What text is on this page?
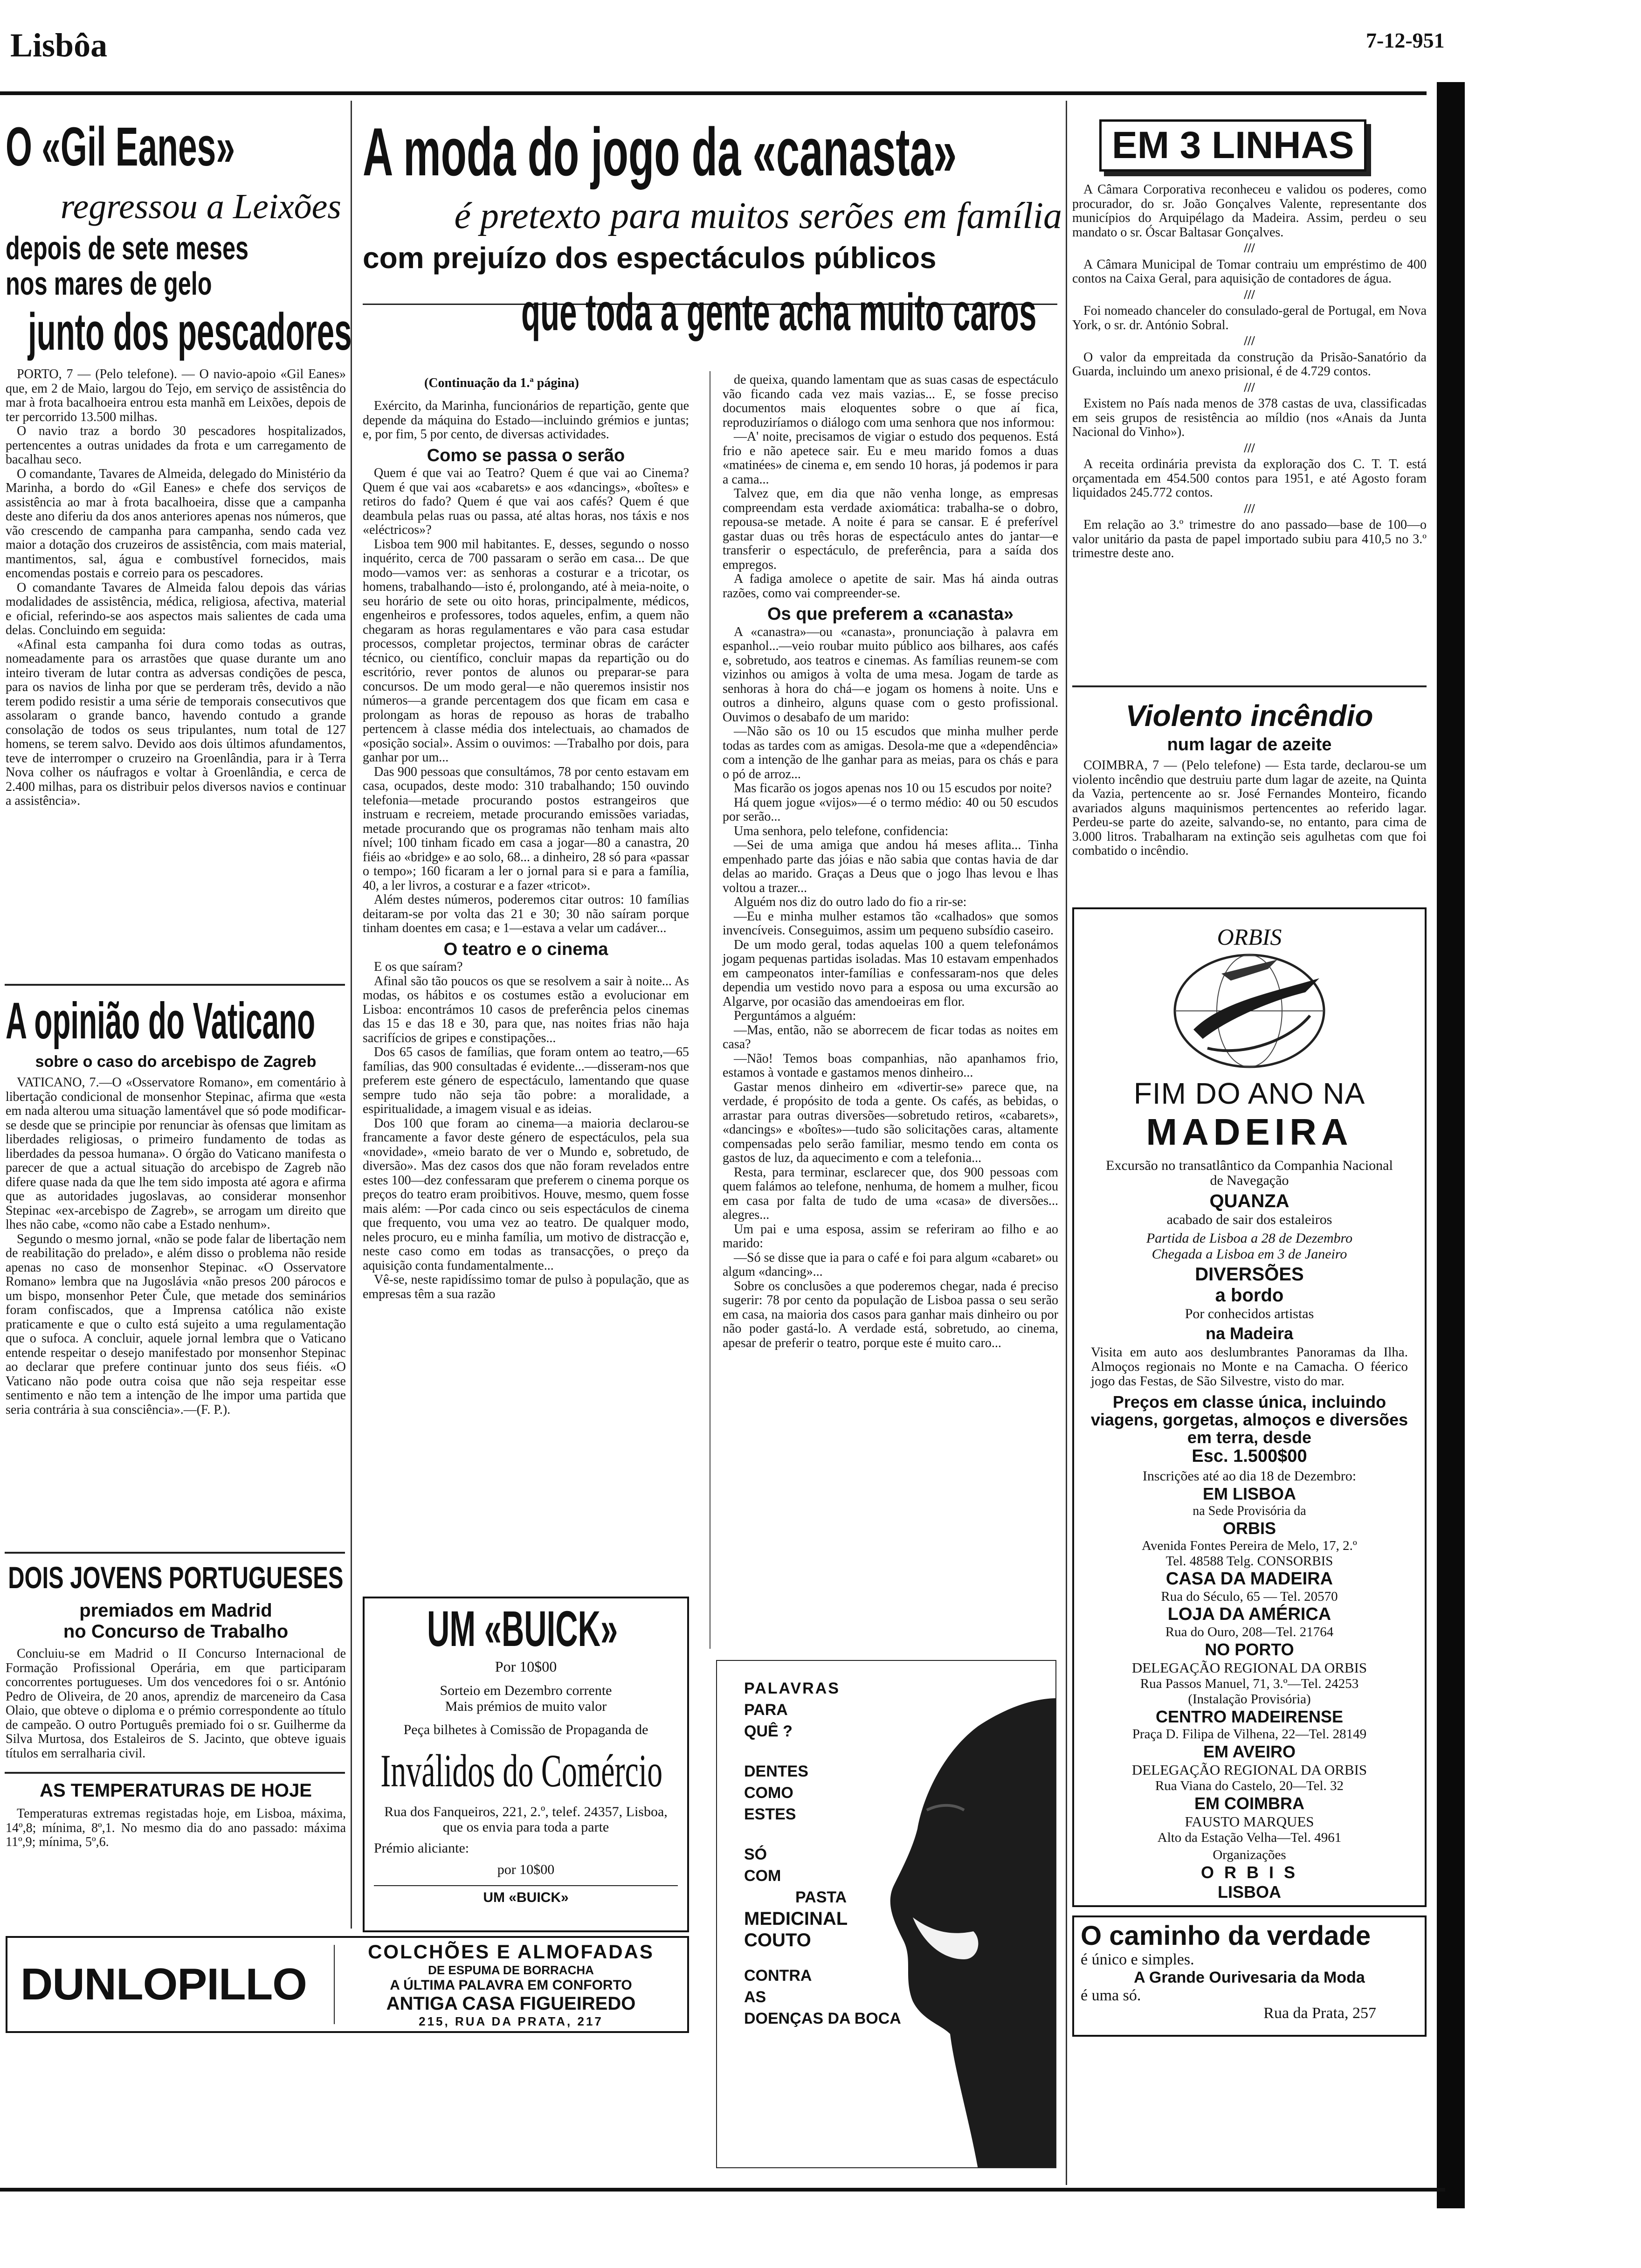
Lisbôa	7-12-951
O «Gil Eanes»
regressou a Leixões
depois de sete meses
nos mares de gelo
junto dos pescadores

PORTO, 7 — (Pelo telefone). — O navio-apoio «Gil Eanes» que, em 2 de Maio, largou do Tejo, em serviço de assistência do mar à frota bacalhoeira entrou esta manhã em Leixões, depois de ter percorrido 13.500 milhas.

O navio traz a bordo 30 pescadores hospitalizados, pertencentes a outras unidades da frota e um carregamento de bacalhau seco.

O comandante, Tavares de Almeida, delegado do Ministério da Marinha, a bordo do «Gil Eanes» e chefe dos serviços de assistência ao mar à frota bacalhoeira, disse que a campanha deste ano diferiu da dos anos anteriores apenas nos números, que vão crescendo de campanha para campanha, sendo cada vez maior a dotação dos cruzeiros de assistência, com mais material, mantimentos, sal, água e combustível fornecidos, mais encomendas postais e correio para os pescadores.

O comandante Tavares de Almeida falou depois das várias modalidades de assistência, médica, religiosa, afectiva, material e oficial, referindo-se aos aspectos mais salientes de cada uma delas. Concluindo em seguida:

«Afinal esta campanha foi dura como todas as outras, nomeadamente para os arrastões que quase durante um ano inteiro tiveram de lutar contra as adversas condições de pesca, para os navios de linha por que se perderam três, devido a não terem podido resistir a uma série de temporais consecutivos que assolaram o grande banco, havendo contudo a grande consolação de todos os seus tripulantes, num total de 127 homens, se terem salvo. Devido aos dois últimos afundamentos, teve de interromper o cruzeiro na Groenlândia, para ir à Terra Nova colher os náufragos e voltar à Groenlândia, e cerca de 2.400 milhas, para os distribuir pelos diversos navios e continuar a assistência».

A opinião do Vaticano
sobre o caso do arcebispo de Zagreb

VATICANO, 7.—O «Osservatore Romano», em comentário à libertação condicional de monsenhor Stepinac, afirma que «esta em nada alterou uma situação lamentável que só pode modificar-se desde que se principie por renunciar às ofensas que limitam as liberdades religiosas, o primeiro fundamento de todas as liberdades da pessoa humana». O órgão do Vaticano manifesta o parecer de que a actual situação do arcebispo de Zagreb não difere quase nada da que lhe tem sido imposta até agora e afirma que as autoridades jugoslavas, ao considerar monsenhor Stepinac «ex-arcebispo de Zagreb», se arrogam um direito que lhes não cabe, «como não cabe a Estado nenhum».

Segundo o mesmo jornal, «não se pode falar de libertação nem de reabilitação do prelado», e além disso o problema não reside apenas no caso de monsenhor Stepinac. «O Osservatore Romano» lembra que na Jugoslávia «não presos 200 párocos e um bispo, monsenhor Peter Čule, que metade dos seminários foram confiscados, que a Imprensa católica não existe praticamente e que o culto está sujeito a uma regulamentação que o sufoca. A concluir, aquele jornal lembra que o Vaticano entende respeitar o desejo manifestado por monsenhor Stepinac ao declarar que prefere continuar junto dos seus fiéis. «O Vaticano não pode outra coisa que não seja respeitar esse sentimento e não tem a intenção de lhe impor uma partida que seria contrária à sua consciência».—(F. P.).

DOIS JOVENS PORTUGUESES
premiados em Madrid
no Concurso de Trabalho

Concluiu-se em Madrid o II Concurso Internacional de Formação Profissional Operária, em que participaram concorrentes portugueses. Um dos vencedores foi o sr. António Pedro de Oliveira, de 20 anos, aprendiz de marceneiro da Casa Olaio, que obteve o diploma e o prémio correspondente ao título de campeão. O outro Português premiado foi o sr. Guilherme da Silva Murtosa, dos Estaleiros de S. Jacinto, que obteve iguais títulos em serralharia civil.

AS TEMPERATURAS DE HOJE

Temperaturas extremas registadas hoje, em Lisboa, máxima, 14º,8; mínima, 8º,1. No mesmo dia do ano passado: máxima 11º,9; mínima, 5º,6.

A moda do jogo da «canasta»
é pretexto para muitos serões em família
com prejuízo dos espectáculos públicos
que toda a gente acha muito caros
(Continuação da 1.ª página)

Exército, da Marinha, funcionários de repartição, gente que depende da máquina do Estado—incluindo grémios e juntas; e, por fim, 5 por cento, de diversas actividades.

Como se passa o serão

Quem é que vai ao Teatro? Quem é que vai ao Cinema? Quem é que vai aos «cabarets» e aos «dancings», «boîtes» e retiros do fado? Quem é que vai aos cafés? Quem é que deambula pelas ruas ou passa, até altas horas, nos táxis e nos «eléctricos»?

Lisboa tem 900 mil habitantes. E, desses, segundo o nosso inquérito, cerca de 700 passaram o serão em casa... De que modo—vamos ver: as senhoras a costurar e a tricotar, os homens, trabalhando—isto é, prolongando, até à meia-noite, o seu horário de sete ou oito horas, principalmente, médicos, engenheiros e professores, todos aqueles, enfim, a quem não chegaram as horas regulamentares e vão para casa estudar processos, completar projectos, terminar obras de carácter técnico, ou científico, concluir mapas da repartição ou do escritório, rever pontos de alunos ou preparar-se para concursos. De um modo geral—e não queremos insistir nos números—a grande percentagem dos que ficam em casa e prolongam as horas de repouso as horas de trabalho pertencem à classe média dos intelectuais, ao chamados de «posição social». Assim o ouvimos: —Trabalho por dois, para ganhar por um...

Das 900 pessoas que consultámos, 78 por cento estavam em casa, ocupados, deste modo: 310 trabalhando; 150 ouvindo telefonia—metade procurando postos estrangeiros que instruam e recreiem, metade procurando emissões variadas, metade procurando que os programas não tenham mais alto nível; 100 tinham ficado em casa a jogar—80 a canastra, 20 fiéis ao «bridge» e ao solo, 68... a dinheiro, 28 só para «passar o tempo»; 160 ficaram a ler o jornal para si e para a família, 40, a ler livros, a costurar e a fazer «tricot».

Além destes números, poderemos citar outros: 10 famílias deitaram-se por volta das 21 e 30; 30 não saíram porque tinham doentes em casa; e 1—estava a velar um cadáver...

O teatro e o cinema

E os que saíram?

Afinal são tão poucos os que se resolvem a sair à noite... As modas, os hábitos e os costumes estão a evolucionar em Lisboa: encontrámos 10 casos de preferência pelos cinemas das 15 e das 18 e 30, para que, nas noites frias não haja sacrifícios de gripes e constipações...

Dos 65 casos de famílias, que foram ontem ao teatro,—65 famílias, das 900 consultadas é evidente...—disseram-nos que preferem este género de espectáculo, lamentando que quase sempre tudo não seja tão pobre: a moralidade, a espiritualidade, a imagem visual e as ideias.

Dos 100 que foram ao cinema—a maioria declarou-se francamente a favor deste género de espectáculos, pela sua «novidade», «meio barato de ver o Mundo e, sobretudo, de diversão». Mas dez casos dos que não foram revelados entre estes 100—dez confessaram que preferem o cinema porque os preços do teatro eram proibitivos. Houve, mesmo, quem fosse mais além: —Por cada cinco ou seis espectáculos de cinema que frequento, vou uma vez ao teatro. De qualquer modo, neles procuro, eu e minha família, um motivo de distracção e, neste caso como em todas as transacções, o preço da aquisição conta fundamentalmente...

Vê-se, neste rapidíssimo tomar de pulso à população, que as empresas têm a sua razão

de queixa, quando lamentam que as suas casas de espectáculo vão ficando cada vez mais vazias... E, se fosse preciso documentos mais eloquentes sobre o que aí fica, reproduziríamos o diálogo com uma senhora que nos informou:

—A' noite, precisamos de vigiar o estudo dos pequenos. Está frio e não apetece sair. Eu e meu marido fomos a duas «matinées» de cinema e, em sendo 10 horas, já podemos ir para a cama...

Talvez que, em dia que não venha longe, as empresas compreendam esta verdade axiomática: trabalha-se o dobro, repousa-se metade. A noite é para se cansar. E é preferível gastar duas ou três horas de espectáculo antes do jantar—e transferir o espectáculo, de preferência, para a saída dos empregos.

A fadiga amolece o apetite de sair. Mas há ainda outras razões, como vai compreender-se.

Os que preferem a «canasta»

A «canastra»—ou «canasta», pronunciação à palavra em espanhol...—veio roubar muito público aos bilhares, aos cafés e, sobretudo, aos teatros e cinemas. As famílias reunem-se com vizinhos ou amigos à volta de uma mesa. Jogam de tarde as senhoras à hora do chá—e jogam os homens à noite. Uns e outros a dinheiro, alguns quase com o gesto profissional. Ouvimos o desabafo de um marido:

—Não são os 10 ou 15 escudos que minha mulher perde todas as tardes com as amigas. Desola-me que a «dependência» com a intenção de lhe ganhar para as meias, para os chás e para o pó de arroz...

Mas ficarão os jogos apenas nos 10 ou 15 escudos por noite?

Há quem jogue «vijos»—é o termo médio: 40 ou 50 escudos por serão...

Uma senhora, pelo telefone, confidencia:

—Sei de uma amiga que andou há meses aflita... Tinha empenhado parte das jóias e não sabia que contas havia de dar delas ao marido. Graças a Deus que o jogo lhas levou e lhas voltou a trazer...

Alguém nos diz do outro lado do fio a rir-se:

—Eu e minha mulher estamos tão «calhados» que somos invencíveis. Conseguimos, assim um pequeno subsídio caseiro.

De um modo geral, todas aquelas 100 a quem telefonámos jogam pequenas partidas isoladas. Mas 10 estavam empenhados em campeonatos inter-famílias e confessaram-nos que deles dependia um vestido novo para a esposa ou uma excursão ao Algarve, por ocasião das amendoeiras em flor.

Perguntámos a alguém:

—Mas, então, não se aborrecem de ficar todas as noites em casa?

—Não! Temos boas companhias, não apanhamos frio, estamos à vontade e gastamos menos dinheiro...

Gastar menos dinheiro em «divertir-se» parece que, na verdade, é propósito de toda a gente. Os cafés, as bebidas, o arrastar para outras diversões—sobretudo retiros, «cabarets», «dancings» e «boîtes»—tudo são solicitações caras, altamente compensadas pelo serão familiar, mesmo tendo em conta os gastos de luz, da aquecimento e com a telefonia...

Resta, para terminar, esclarecer que, dos 900 pessoas com quem falámos ao telefone, nenhuma, de homem a mulher, ficou em casa por falta de tudo de uma «casa» de diversões... alegres...

Um pai e uma esposa, assim se referiram ao filho e ao marido:

—Só se disse que ia para o café e foi para algum «cabaret» ou algum «dancing»...

Sobre os conclusões a que poderemos chegar, nada é preciso sugerir: 78 por cento da população de Lisboa passa o seu serão em casa, na maioria dos casos para ganhar mais dinheiro ou por não poder gastá-lo. A verdade está, sobretudo, ao cinema, apesar de preferir o teatro, porque este é muito caro...

UM «BUICK»
Por 10$00
Sorteio em Dezembro corrente
Mais prémios de muito valor
Peça bilhetes à Comissão de Propaganda de
Inválidos do Comércio
Rua dos Fanqueiros, 221, 2.º, telef. 24357, Lisboa, que os envia para toda a parte
Prémio aliciante:
por 10$00
UM «BUICK»
DUNLOPILLO
COLCHÕES E ALMOFADAS
DE ESPUMA DE BORRACHA
A ÚLTIMA PALAVRA EM CONFORTO
ANTIGA CASA FIGUEIREDO
215, RUA DA PRATA, 217
PALAVRAS
PARA
QUÊ ?
DENTES
COMO
ESTES
SÓ
COM
PASTA
MEDICINAL
COUTO
CONTRA
AS
DOENÇAS DA BOCA
EM 3 LINHAS

A Câmara Corporativa reconheceu e validou os poderes, como procurador, do sr. João Gonçalves Valente, representante dos municípios do Arquipélago da Madeira. Assim, perdeu o seu mandato o sr. Óscar Baltasar Gonçalves.

///

A Câmara Municipal de Tomar contraiu um empréstimo de 400 contos na Caixa Geral, para aquisição de contadores de água.

///

Foi nomeado chanceler do consulado-geral de Portugal, em Nova York, o sr. dr. António Sobral.

///

O valor da empreitada da construção da Prisão-Sanatório da Guarda, incluindo um anexo prisional, é de 4.729 contos.

///

Existem no País nada menos de 378 castas de uva, classificadas em seis grupos de resistência ao míldio (nos «Anais da Junta Nacional do Vinho»).

///

A receita ordinária prevista da exploração dos C. T. T. está orçamentada em 454.500 contos para 1951, e até Agosto foram liquidados 245.772 contos.

///

Em relação ao 3.º trimestre do ano passado—base de 100—o valor unitário da pasta de papel importado subiu para 410,5 no 3.º trimestre deste ano.

Violento incêndio
num lagar de azeite

COIMBRA, 7 — (Pelo telefone) — Esta tarde, declarou-se um violento incêndio que destruiu parte dum lagar de azeite, na Quinta da Vazia, pertencente ao sr. José Fernandes Monteiro, ficando avariados alguns maquinismos pertencentes ao referido lagar. Perdeu-se parte do azeite, salvando-se, no entanto, para cima de 3.000 litros. Trabalharam na extinção seis agulhetas com que foi combatido o incêndio.

ORBIS
FIM DO ANO NA
MADEIRA
Excursão no transatlântico da Companhia Nacional de Navegação
QUANZA
acabado de sair dos estaleiros
Partida de Lisboa a 28 de Dezembro
Chegada a Lisboa em 3 de Janeiro
DIVERSÕES
a bordo
Por conhecidos artistas
na Madeira
Visita em auto aos deslumbrantes Panoramas da Ilha. Almoços regionais no Monte e na Camacha. O féerico jogo das Festas, de São Silvestre, visto do mar.
Preços em classe única, incluindo viagens, gorgetas, almoços e diversões em terra, desde
Esc. 1.500$00
Inscrições até ao dia 18 de Dezembro:
EM LISBOA
na Sede Provisória da
ORBIS
Avenida Fontes Pereira de Melo, 17, 2.º
Tel. 48588 Telg. CONSORBIS
CASA DA MADEIRA
Rua do Século, 65 — Tel. 20570
LOJA DA AMÉRICA
Rua do Ouro, 208—Tel. 21764
NO PORTO
DELEGAÇÃO REGIONAL DA ORBIS
Rua Passos Manuel, 71, 3.º—Tel. 24253
(Instalação Provisória)
CENTRO MADEIRENSE
Praça D. Filipa de Vilhena, 22—Tel. 28149
EM AVEIRO
DELEGAÇÃO REGIONAL DA ORBIS
Rua Viana do Castelo, 20—Tel. 32
EM COIMBRA
FAUSTO MARQUES
Alto da Estação Velha—Tel. 4961
Organizações
O R B I S
LISBOA
O caminho da verdade
é único e simples.
A Grande Ourivesaria da Moda
é uma só.
Rua da Prata, 257
